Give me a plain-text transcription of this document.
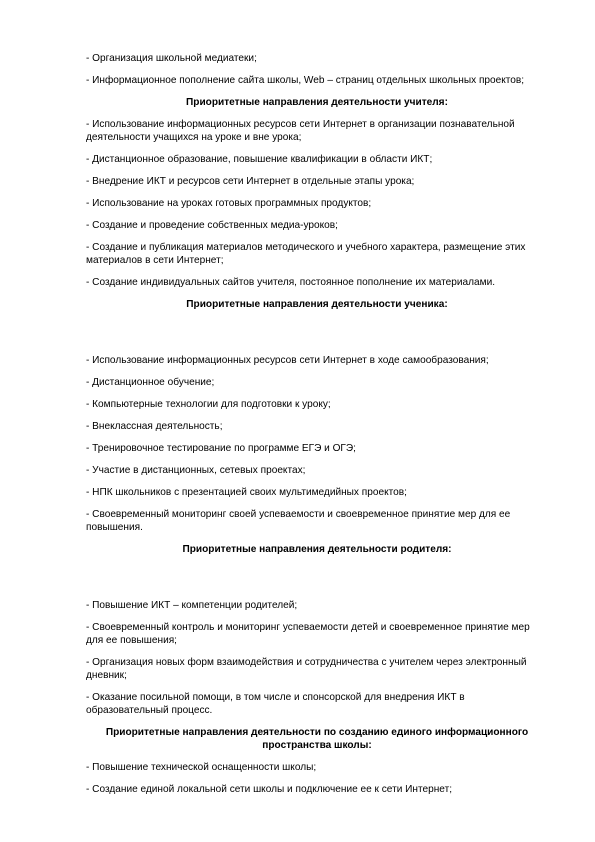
- Организация школьной медиатеки;
- Информационное пополнение сайта школы, Web – страниц отдельных школьных проектов;
Приоритетные направления деятельности учителя:
- Использование информационных ресурсов сети Интернет в организации познавательной деятельности учащихся на уроке и вне урока;
- Дистанционное образование, повышение квалификации в области ИКТ;
- Внедрение ИКТ и ресурсов сети Интернет в отдельные этапы урока;
- Использование на уроках готовых программных продуктов;
- Создание и проведение собственных медиа-уроков;
- Создание и публикация материалов методического и учебного характера, размещение этих материалов в сети Интернет;
- Создание индивидуальных сайтов учителя, постоянное пополнение их материалами.
Приоритетные направления деятельности ученика:
- Использование информационных ресурсов сети Интернет в ходе самообразования;
- Дистанционное обучение;
- Компьютерные технологии для подготовки к уроку;
- Внеклассная деятельность;
- Тренировочное тестирование по программе ЕГЭ и ОГЭ;
- Участие в дистанционных, сетевых проектах;
- НПК школьников с презентацией своих мультимедийных проектов;
- Своевременный мониторинг своей успеваемости и своевременное принятие мер для ее повышения.
Приоритетные направления деятельности родителя:
- Повышение ИКТ – компетенции родителей;
- Своевременный контроль и мониторинг успеваемости детей и своевременное принятие мер для ее повышения;
- Организация новых форм взаимодействия и сотрудничества с учителем через электронный дневник;
- Оказание посильной помощи, в том числе и спонсорской для внедрения ИКТ в образовательный процесс.
Приоритетные направления деятельности по созданию единого информационного пространства школы:
- Повышение технической оснащенности школы;
- Создание единой локальной сети школы и подключение ее к сети Интернет;
